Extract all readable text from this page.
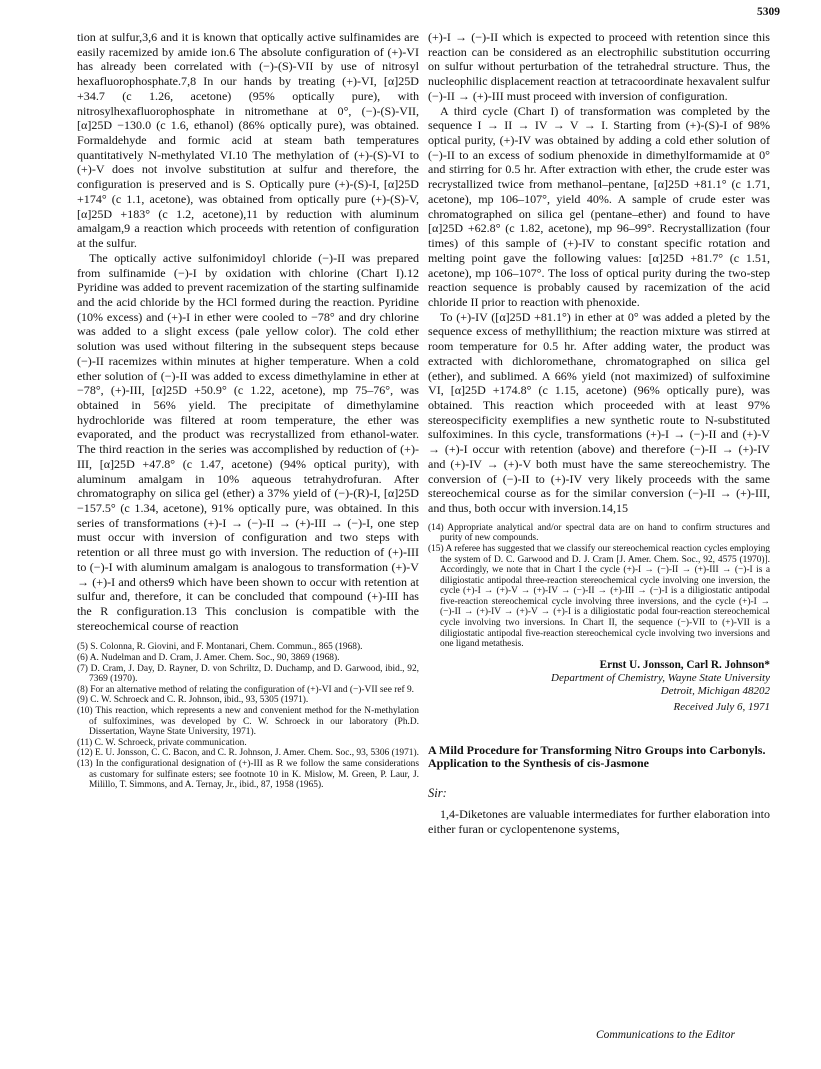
5309

tion at sulfur,3,6 and it is known that optically active sulfinamides are easily racemized by amide ion.6 The absolute configuration of (+)-VI has already been correlated with (−)-(S)-VII by use of nitrosyl hexafluorophosphate.7,8 In our hands by treating (+)-VI, [α]25D +34.7 (c 1.26, acetone) (95% optically pure), with nitrosylhexafluorophosphate in nitromethane at 0°, (−)-(S)-VII, [α]25D −130.0 (c 1.6, ethanol) (86% optically pure), was obtained. Formaldehyde and formic acid at steam bath temperatures quantitatively N-methylated VI.10 The methylation of (+)-(S)-VI to (+)-V does not involve substitution at sulfur and therefore, the configuration is preserved and is S. Optically pure (+)-(S)-I, [α]25D +174° (c 1.1, acetone), was obtained from optically pure (+)-(S)-V, [α]25D +183° (c 1.2, acetone),11 by reduction with aluminum amalgam,9 a reaction which proceeds with retention of configuration at the sulfur.

The optically active sulfonimidoyl chloride (−)-II was prepared from sulfinamide (−)-I by oxidation with chlorine (Chart I).12 Pyridine was added to prevent racemization of the starting sulfinamide and the acid chloride by the HCl formed during the reaction. Pyridine (10% excess) and (+)-I in ether were cooled to −78° and dry chlorine was added to a slight excess (pale yellow color). The cold ether solution was used without filtering in the subsequent steps because (−)-II racemizes within minutes at higher temperature. When a cold ether solution of (−)-II was added to excess dimethylamine in ether at −78°, (+)-III, [α]25D +50.9° (c 1.22, acetone), mp 75–76°, was obtained in 56% yield. The precipitate of dimethylamine hydrochloride was filtered at room temperature, the ether was evaporated, and the product was recrystallized from ethanol-water. The third reaction in the series was accomplished by reduction of (+)-III, [α]25D +47.8° (c 1.47, acetone) (94% optical purity), with aluminum amalgam in 10% aqueous tetrahydrofuran. After chromatography on silica gel (ether) a 37% yield of (−)-(R)-I, [α]25D −157.5° (c 1.34, acetone), 91% optically pure, was obtained. In this series of transformations (+)-I → (−)-II → (+)-III → (−)-I, one step must occur with inversion of configuration and two steps with retention or all three must go with inversion. The reduction of (+)-III to (−)-I with aluminum amalgam is analogous to transformation (+)-V → (+)-I and others9 which have been shown to occur with retention at sulfur and, therefore, it can be concluded that compound (+)-III has the R configuration.13 This conclusion is compatible with the stereochemical course of reaction

(5) S. Colonna, R. Giovini, and F. Montanari, Chem. Commun., 865 (1968).

(6) A. Nudelman and D. Cram, J. Amer. Chem. Soc., 90, 3869 (1968).

(7) D. Cram, J. Day, D. Rayner, D. von Schriltz, D. Duchamp, and D. Garwood, ibid., 92, 7369 (1970).

(8) For an alternative method of relating the configuration of (+)-VI and (−)-VII see ref 9.

(9) C. W. Schroeck and C. R. Johnson, ibid., 93, 5305 (1971).

(10) This reaction, which represents a new and convenient method for the N-methylation of sulfoximines, was developed by C. W. Schroeck in our laboratory (Ph.D. Dissertation, Wayne State University, 1971).

(11) C. W. Schroeck, private communication.

(12) E. U. Jonsson, C. C. Bacon, and C. R. Johnson, J. Amer. Chem. Soc., 93, 5306 (1971).

(13) In the configurational designation of (+)-III as R we follow the same considerations as customary for sulfinate esters; see footnote 10 in K. Mislow, M. Green, P. Laur, J. Milillo, T. Simmons, and A. Ternay, Jr., ibid., 87, 1958 (1965).

(+)-I → (−)-II which is expected to proceed with retention since this reaction can be considered as an electrophilic substitution occurring on sulfur without perturbation of the tetrahedral structure. Thus, the nucleophilic displacement reaction at tetracoordinate hexavalent sulfur (−)-II → (+)-III must proceed with inversion of configuration.

A third cycle (Chart I) of transformation was completed by the sequence I → II → IV → V → I. Starting from (+)-(S)-I of 98% optical purity, (+)-IV was obtained by adding a cold ether solution of (−)-II to an excess of sodium phenoxide in dimethylformamide at 0° and stirring for 0.5 hr. After extraction with ether, the crude ester was recrystallized twice from methanol–pentane, [α]25D +81.1° (c 1.71, acetone), mp 106–107°, yield 40%. A sample of crude ester was chromatographed on silica gel (pentane–ether) and found to have [α]25D +62.8° (c 1.82, acetone), mp 96–99°. Recrystallization (four times) of this sample of (+)-IV to constant specific rotation and melting point gave the following values: [α]25D +81.7° (c 1.51, acetone), mp 106–107°. The loss of optical purity during the two-step reaction sequence is probably caused by racemization of the acid chloride II prior to reaction with phenoxide.

To (+)-IV ([α]25D +81.1°) in ether at 0° was added a pleted by the sequence excess of methyllithium; the reaction mixture was stirred at room temperature for 0.5 hr. After adding water, the product was extracted with dichloromethane, chromatographed on silica gel (ether), and sublimed. A 66% yield (not maximized) of sulfoximine VI, [α]25D +174.8° (c 1.15, acetone) (96% optically pure), was obtained. This reaction which proceeded with at least 97% stereospecificity exemplifies a new synthetic route to N-substituted sulfoximines. In this cycle, transformations (+)-I → (−)-II and (+)-V → (+)-I occur with retention (above) and therefore (−)-II → (+)-IV and (+)-IV → (+)-V both must have the same stereochemistry. The conversion of (−)-II to (+)-IV very likely proceeds with the same stereochemical course as for the similar conversion (−)-II → (+)-III, and thus, both occur with inversion.14,15

(14) Appropriate analytical and/or spectral data are on hand to confirm structures and purity of new compounds.

(15) A referee has suggested that we classify our stereochemical reaction cycles employing the system of D. C. Garwood and D. J. Cram [J. Amer. Chem. Soc., 92, 4575 (1970)]. Accordingly, we note that in Chart I the cycle (+)-I → (−)-II → (+)-III → (−)-I is a diligiostatic antipodal three-reaction stereochemical cycle involving one inversion, the cycle (+)-I → (+)-V → (+)-IV → (−)-II → (+)-III → (−)-I is a diligiostatic antipodal five-reaction stereochemical cycle involving three inversions, and the cycle (+)-I → (−)-II → (+)-IV → (+)-V → (+)-I is a diligiostatic podal four-reaction stereochemical cycle involving two inversions. In Chart II, the sequence (−)-VII to (+)-VII is a diligiostatic antipodal five-reaction stereochemical cycle involving two inversions and one ligand metathesis.

Ernst U. Jonsson, Carl R. Johnson*
Department of Chemistry, Wayne State University
Detroit, Michigan 48202
Received July 6, 1971
A Mild Procedure for Transforming Nitro Groups into Carbonyls. Application to the Synthesis of cis-Jasmone
Sir:

1,4-Diketones are valuable intermediates for further elaboration into either furan or cyclopentenone systems,

Communications to the Editor
